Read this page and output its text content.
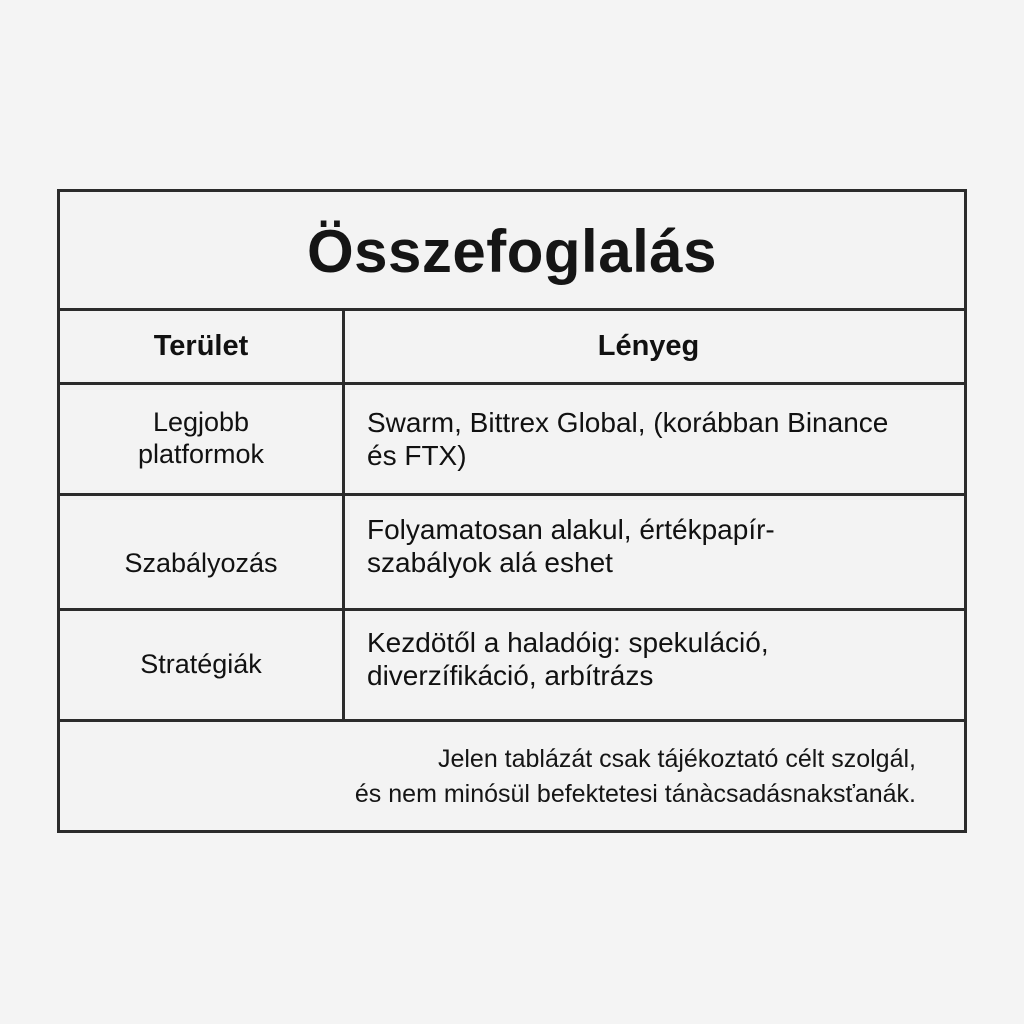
Összefoglalás
Terület	Lényeg
Legjobb platformok
Swarm, Bittrex Global, (korábban Binance és FTX)
Szabályozás
Folyamatosan alakul, értékpapír-szabályok alá eshet
Stratégiák
Kezdötől a haladóig: spekuláció, diverzífikáció, arbítrázs
Jelen tablázát csak tájékoztató célt szolgál,
és nem minósül befektetesi tánàcsadásnaksťanák.
